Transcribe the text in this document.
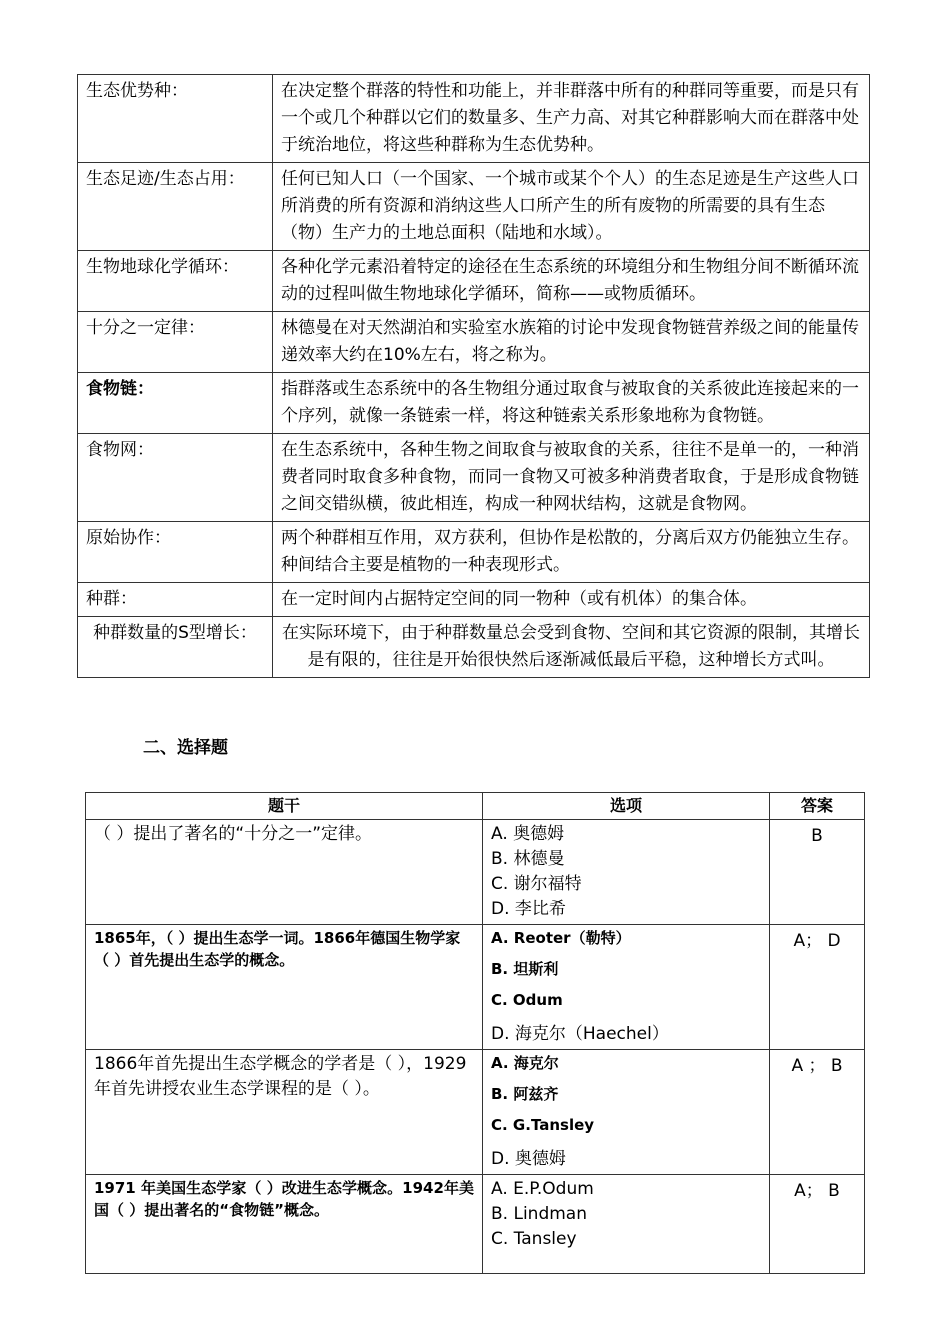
生态优势种：	在决定整个群落的特性和功能上，并非群落中所有的种群同等重要，而是只有一个或几个种群以它们的数量多、生产力高、对其它种群影响大而在群落中处于统治地位，将这些种群称为生态优势种。
生态足迹/生态占用：	任何已知人口（一个国家、一个城市或某个个人）的生态足迹是生产这些人口所消费的所有资源和消纳这些人口所产生的所有废物的所需要的具有生态（物）生产力的土地总面积（陆地和水域）。
生物地球化学循环：	各种化学元素沿着特定的途径在生态系统的环境组分和生物组分间不断循环流动的过程叫做生物地球化学循环，简称——或物质循环。
十分之一定律：	林德曼在对天然湖泊和实验室水族箱的讨论中发现食物链营养级之间的能量传递效率大约在10%左右，将之称为。
食物链：	指群落或生态系统中的各生物组分通过取食与被取食的关系彼此连接起来的一个序列，就像一条链索一样，将这种链索关系形象地称为食物链。
食物网：	在生态系统中，各种生物之间取食与被取食的关系，往往不是单一的，一种消费者同时取食多种食物，而同一食物又可被多种消费者取食，于是形成食物链之间交错纵横，彼此相连，构成一种网状结构，这就是食物网。
原始协作：	两个种群相互作用，双方获利，但协作是松散的，分离后双方仍能独立生存。种间结合主要是植物的一种表现形式。
种群：	在一定时间内占据特定空间的同一物种（或有机体）的集合体。
种群数量的S型增长：	在实际环境下，由于种群数量总会受到食物、空间和其它资源的限制，其增长是有限的，往往是开始很快然后逐渐减低最后平稳，这种增长方式叫。
二、选择题
题干	选项	答案
（ ）提出了著名的“十分之一”定律。	A. 奥德姆
B. 林德曼
C. 谢尔福特
D. 李比希	B
1865年，（ ）提出生态学一词。1866年德国生物学家（ ）首先提出生态学的概念。	A. Reoter（勒特）
B. 坦斯利
C. Odum
D. 海克尔（Haechel）	A； D
1866年首先提出生态学概念的学者是（ ），1929年首先讲授农业生态学课程的是（ ）。	A. 海克尔
B. 阿兹齐
C. G.Tansley
D. 奥德姆	A ； B
1971 年美国生态学家（ ）改进生态学概念。1942年美国（ ）提出著名的“食物链”概念。	A. E.P.Odum
B. Lindman
C. Tansley	A； B
